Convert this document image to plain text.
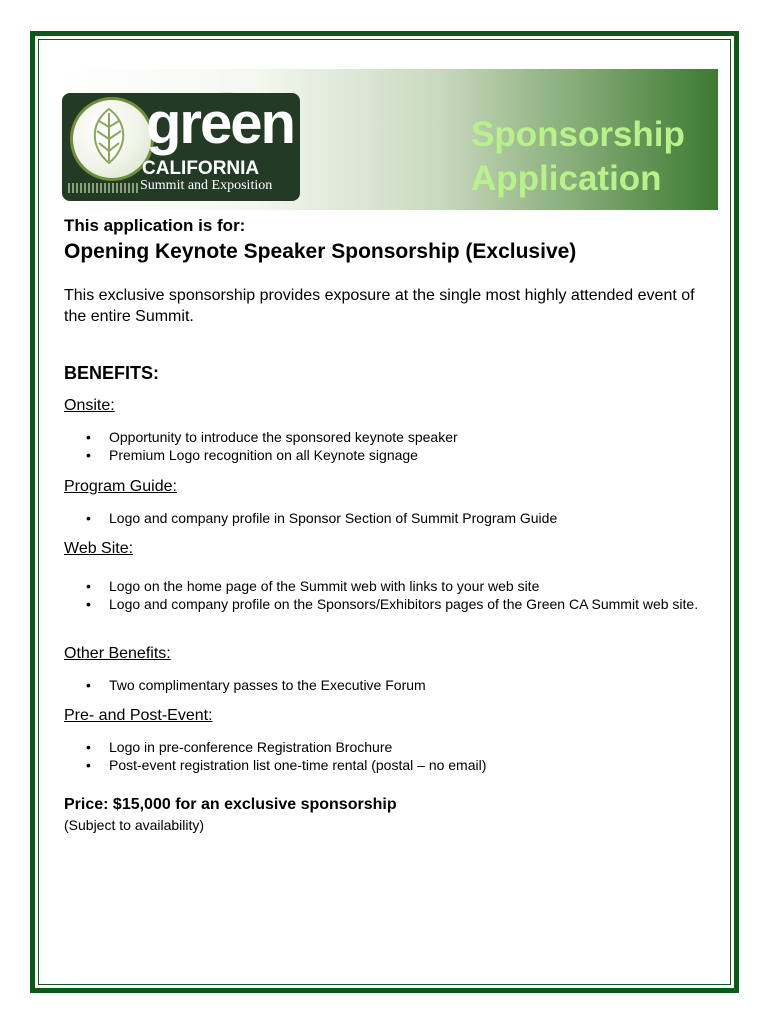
green
CALIFORNIA
Summit and Exposition
Sponsorship
Application
This application is for:
Opening Keynote Speaker Sponsorship (Exclusive)
This exclusive sponsorship provides exposure at the single most highly attended event of the entire Summit.
BENEFITS:
Onsite:
• Opportunity to introduce the sponsored keynote speaker
• Premium Logo recognition on all Keynote signage
Program Guide:
• Logo and company profile in Sponsor Section of Summit Program Guide
Web Site:
• Logo on the home page of the Summit web with links to your web site
• Logo and company profile on the Sponsors/Exhibitors pages of the Green CA Summit web site.
Other Benefits:
• Two complimentary passes to the Executive Forum
Pre- and Post-Event:
• Logo in pre-conference Registration Brochure
• Post-event registration list one-time rental (postal – no email)
Price: $15,000 for an exclusive sponsorship
(Subject to availability)
